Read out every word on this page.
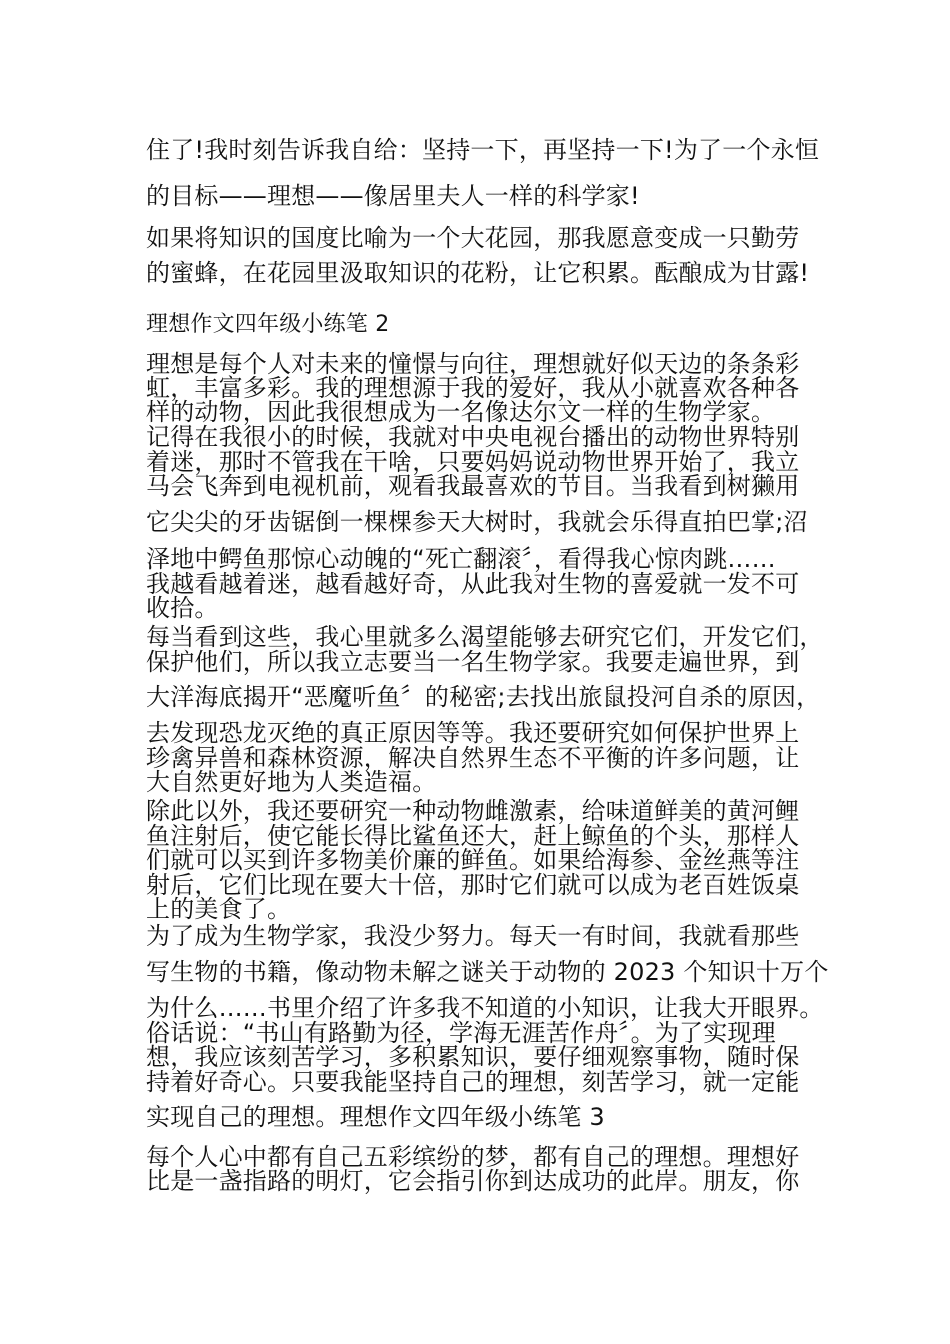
住了!我时刻告诉我自给：坚持一下，再坚持一下!为了一个永恒
的目标——理想——像居里夫人一样的科学家!
如果将知识的国度比喻为一个大花园，那我愿意变成一只勤劳
的蜜蜂，在花园里汲取知识的花粉，让它积累。酝酿成为甘露!
理想作文四年级小练笔 2
理想是每个人对未来的憧憬与向往，理想就好似天边的条条彩
虹，丰富多彩。我的理想源于我的爱好，我从小就喜欢各种各
样的动物，因此我很想成为一名像达尔文一样的生物学家。
记得在我很小的时候，我就对中央电视台播出的动物世界特别
着迷，那时不管我在干啥，只要妈妈说动物世界开始了，我立
马会飞奔到电视机前，观看我最喜欢的节目。当我看到树獭用
它尖尖的牙齿锯倒一棵棵参天大树时，我就会乐得直拍巴掌;沼
泽地中鳄鱼那惊心动魄的“死亡翻滚〞，看得我心惊肉跳……
我越看越着迷，越看越好奇，从此我对生物的喜爱就一发不可
收拾。
每当看到这些，我心里就多么渴望能够去研究它们，开发它们，
保护他们，所以我立志要当一名生物学家。我要走遍世界，到
大洋海底揭开“恶魔听鱼〞的秘密;去找出旅鼠投河自杀的原因，
去发现恐龙灭绝的真正原因等等。我还要研究如何保护世界上
珍禽异兽和森林资源，解决自然界生态不平衡的许多问题，让
大自然更好地为人类造福。
除此以外，我还要研究一种动物雌激素，给味道鲜美的黄河鲤
鱼注射后，使它能长得比鲨鱼还大，赶上鲸鱼的个头，那样人
们就可以买到许多物美价廉的鲜鱼。如果给海参、金丝燕等注
射后，它们比现在要大十倍，那时它们就可以成为老百姓饭桌
上的美食了。
为了成为生物学家，我没少努力。每天一有时间，我就看那些
写生物的书籍，像动物未解之谜关于动物的 2023 个知识十万个
为什么……书里介绍了许多我不知道的小知识，让我大开眼界。
俗话说：“书山有路勤为径，学海无涯苦作舟〞。为了实现理
想，我应该刻苦学习，多积累知识，要仔细观察事物，随时保
持着好奇心。只要我能坚持自己的理想，刻苦学习，就一定能
实现自己的理想。理想作文四年级小练笔 3
每个人心中都有自己五彩缤纷的梦，都有自己的理想。理想好
比是一盏指路的明灯，它会指引你到达成功的此岸。朋友，你
